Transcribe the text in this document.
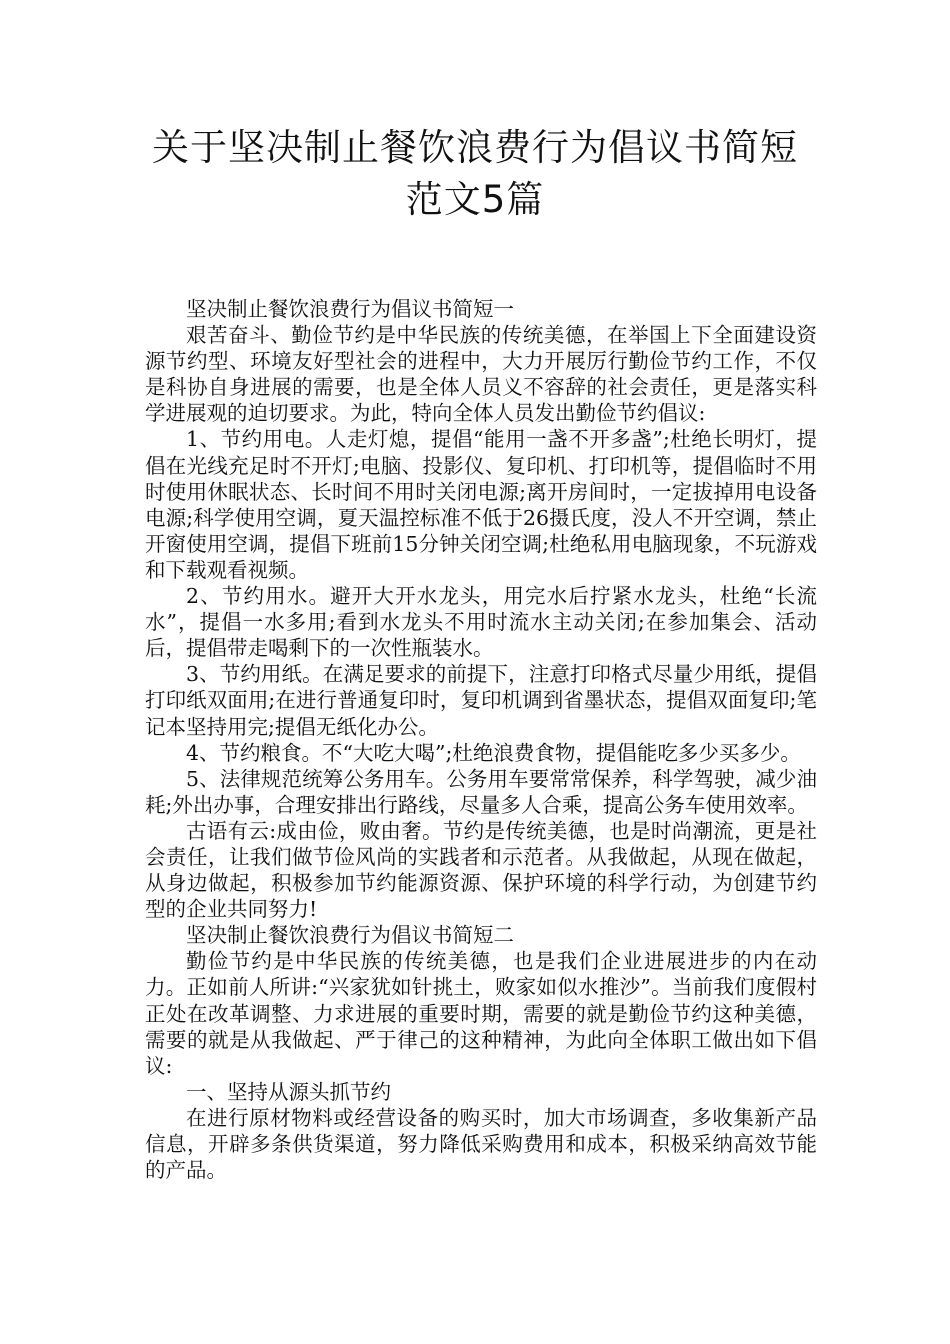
关于坚决制止餐饮浪费行为倡议书简短
范文5篇

坚决制止餐饮浪费行为倡议书简短一

艰苦奋斗、勤俭节约是中华民族的传统美德，在举国上下全面建设资源节约型、环境友好型社会的进程中，大力开展厉行勤俭节约工作，不仅是科协自身进展的需要，也是全体人员义不容辞的社会责任，更是落实科学进展观的迫切要求。为此，特向全体人员发出勤俭节约倡议:

1、节约用电。人走灯熄，提倡“能用一盏不开多盏”;杜绝长明灯，提倡在光线充足时不开灯;电脑、投影仪、复印机、打印机等，提倡临时不用时使用休眠状态、长时间不用时关闭电源;离开房间时，一定拔掉用电设备电源;科学使用空调，夏天温控标准不低于26摄氏度，没人不开空调，禁止开窗使用空调，提倡下班前15分钟关闭空调;杜绝私用电脑现象，不玩游戏和下载观看视频。

2、节约用水。避开大开水龙头，用完水后拧紧水龙头，杜绝“长流水”，提倡一水多用;看到水龙头不用时流水主动关闭;在参加集会、活动后，提倡带走喝剩下的一次性瓶装水。

3、节约用纸。在满足要求的前提下，注意打印格式尽量少用纸，提倡打印纸双面用;在进行普通复印时，复印机调到省墨状态，提倡双面复印;笔记本坚持用完;提倡无纸化办公。

4、节约粮食。不“大吃大喝”;杜绝浪费食物，提倡能吃多少买多少。

5、法律规范统筹公务用车。公务用车要常常保养，科学驾驶，减少油耗;外出办事，合理安排出行路线，尽量多人合乘，提高公务车使用效率。

古语有云:成由俭，败由奢。节约是传统美德，也是时尚潮流，更是社会责任，让我们做节俭风尚的实践者和示范者。从我做起，从现在做起，从身边做起，积极参加节约能源资源、保护环境的科学行动，为创建节约型的企业共同努力!

坚决制止餐饮浪费行为倡议书简短二

勤俭节约是中华民族的传统美德，也是我们企业进展进步的内在动力。正如前人所讲:“兴家犹如针挑土，败家如似水推沙”。当前我们度假村正处在改革调整、力求进展的重要时期，需要的就是勤俭节约这种美德，需要的就是从我做起、严于律己的这种精神，为此向全体职工做出如下倡议:

一、坚持从源头抓节约

在进行原材物料或经营设备的购买时，加大市场调查，多收集新产品信息，开辟多条供货渠道，努力降低采购费用和成本，积极采纳高效节能的产品。
